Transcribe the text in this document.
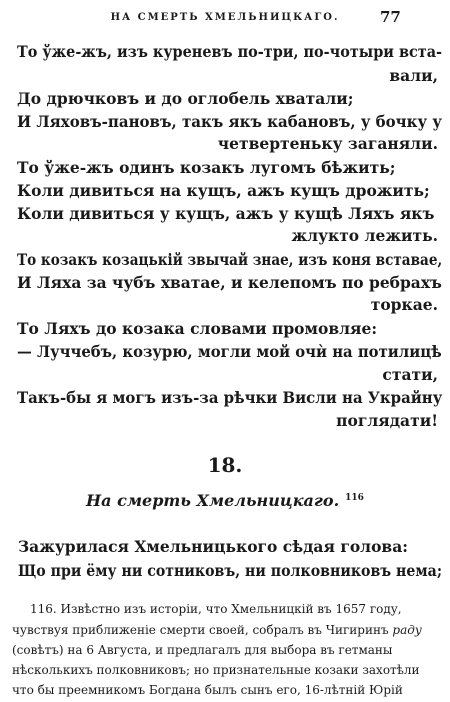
НА СМЕРТЬ ХМЕЛЬНИЦКАГО.	77
То ўже-жъ, изъ куреневъ по-три, по-чотыри вста-
вали,
До дрючковъ и до оглобель хватали;
И Ляховъ-пановъ, такъ якъ кабановъ, у бочку у
четвертеньку заганяли.
То ўже-жъ одинъ козакъ лугомъ бѣжить;
Коли дивиться на кущъ, ажъ кущъ дрожить;
Коли дивиться у кущъ, ажъ у кущѣ Ляхъ якъ
жлукто лежить.
То козакъ козацькій звычай знае, изъ коня вставае,
И Ляха за чубъ хватае, и келепомъ по ребрахъ
торкае.
То Ляхъ до козака словами промовляе:
— Луччебъ, козурю, могли мой очѝ на потилицѣ
стати,
Такъ-бы я могъ изъ-за рѣчки Висли на Украйну
поглядати!
18.
На смерть Хмельницкаго. $^{116}$
Зажурилася Хмельницького сѣдая голова:
Що при ёму ни сотниковъ, ни полковниковъ нема;
116. Извѣстно изъ исторіи, что Хмельницкій въ 1657 году,
чувствуя приближеніе смерти своей, собралъ въ Чигиринъ раду
(совѣтъ) на 6 Августа, и предлагалъ для выбора въ гетманы
нѣсколькихъ полковниковъ; но признательные козаки захотѣли
что бы преемникомъ Богдана былъ сынъ его, 16-лѣтній Юрій
